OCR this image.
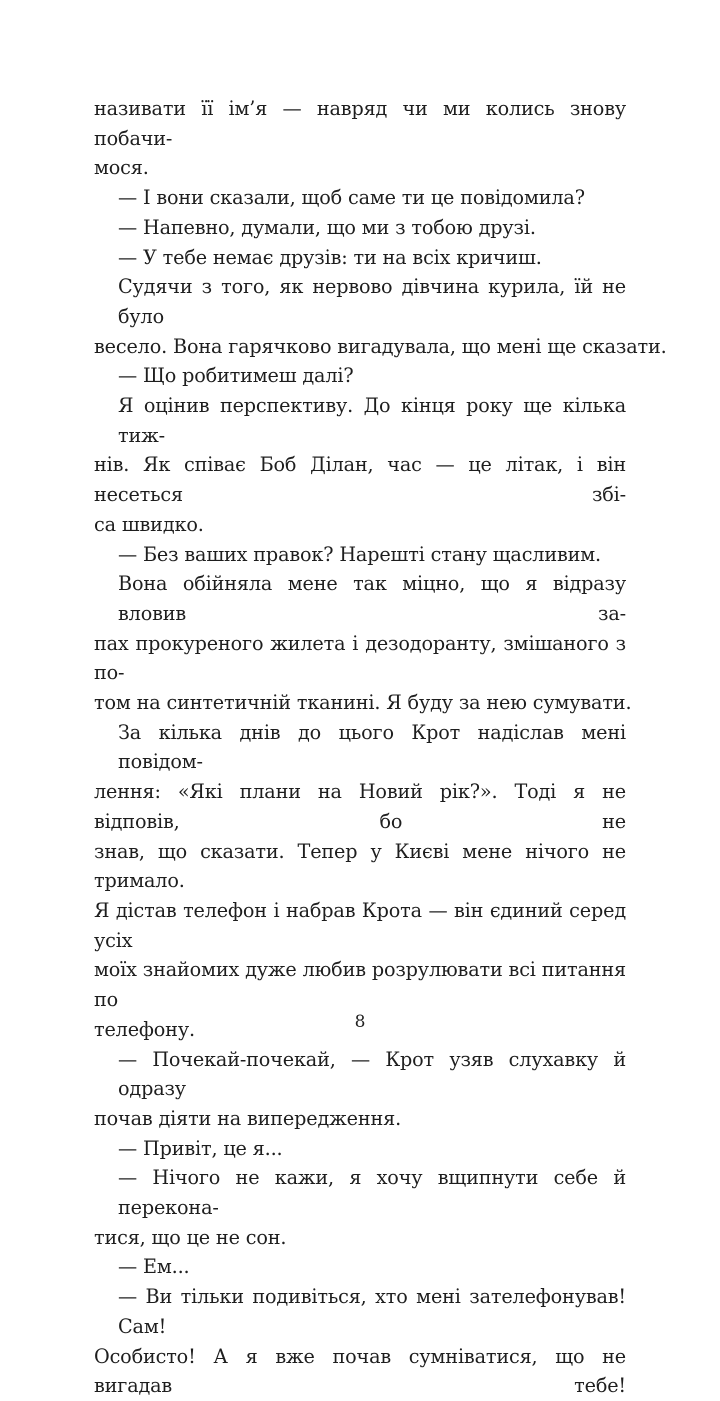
називати її ім’я — навряд чи ми колись знову побачи-
мося.
— І вони сказали, щоб саме ти це повідомила?
— Напевно, думали, що ми з тобою друзі.
— У тебе немає друзів: ти на всіх кричиш.
Судячи з того, як нервово дівчина курила, їй не було
весело. Вона гарячково вигадувала, що мені ще сказати.
— Що робитимеш далі?
Я оцінив перспективу. До кінця року ще кілька тиж-
нів. Як співає Боб Ділан, час — це літак, і він несеться збі-
са швидко.
— Без ваших правок? Нарешті стану щасливим.
Вона обійняла мене так міцно, що я відразу вловив за-
пах прокуреного жилета і дезодоранту, змішаного з по-
том на синтетичній тканині. Я буду за нею сумувати.
За кілька днів до цього Крот надіслав мені повідом-
лення: «Які плани на Новий рік?». Тоді я не відповів, бо не
знав, що сказати. Тепер у Києві мене нічого не тримало.
Я дістав телефон і набрав Крота — він єдиний серед усіх
моїх знайомих дуже любив розрулювати всі питання по
телефону.
— Почекай-почекай, — Крот узяв слухавку й одразу
почав діяти на випередження.
— Привіт, це я...
— Нічого не кажи, я хочу вщипнути себе й перекона-
тися, що це не сон.
— Ем...
— Ви тільки подивіться, хто мені зателефонував! Сам!
Особисто! А я вже почав сумніватися, що не вигадав тебе!
8
